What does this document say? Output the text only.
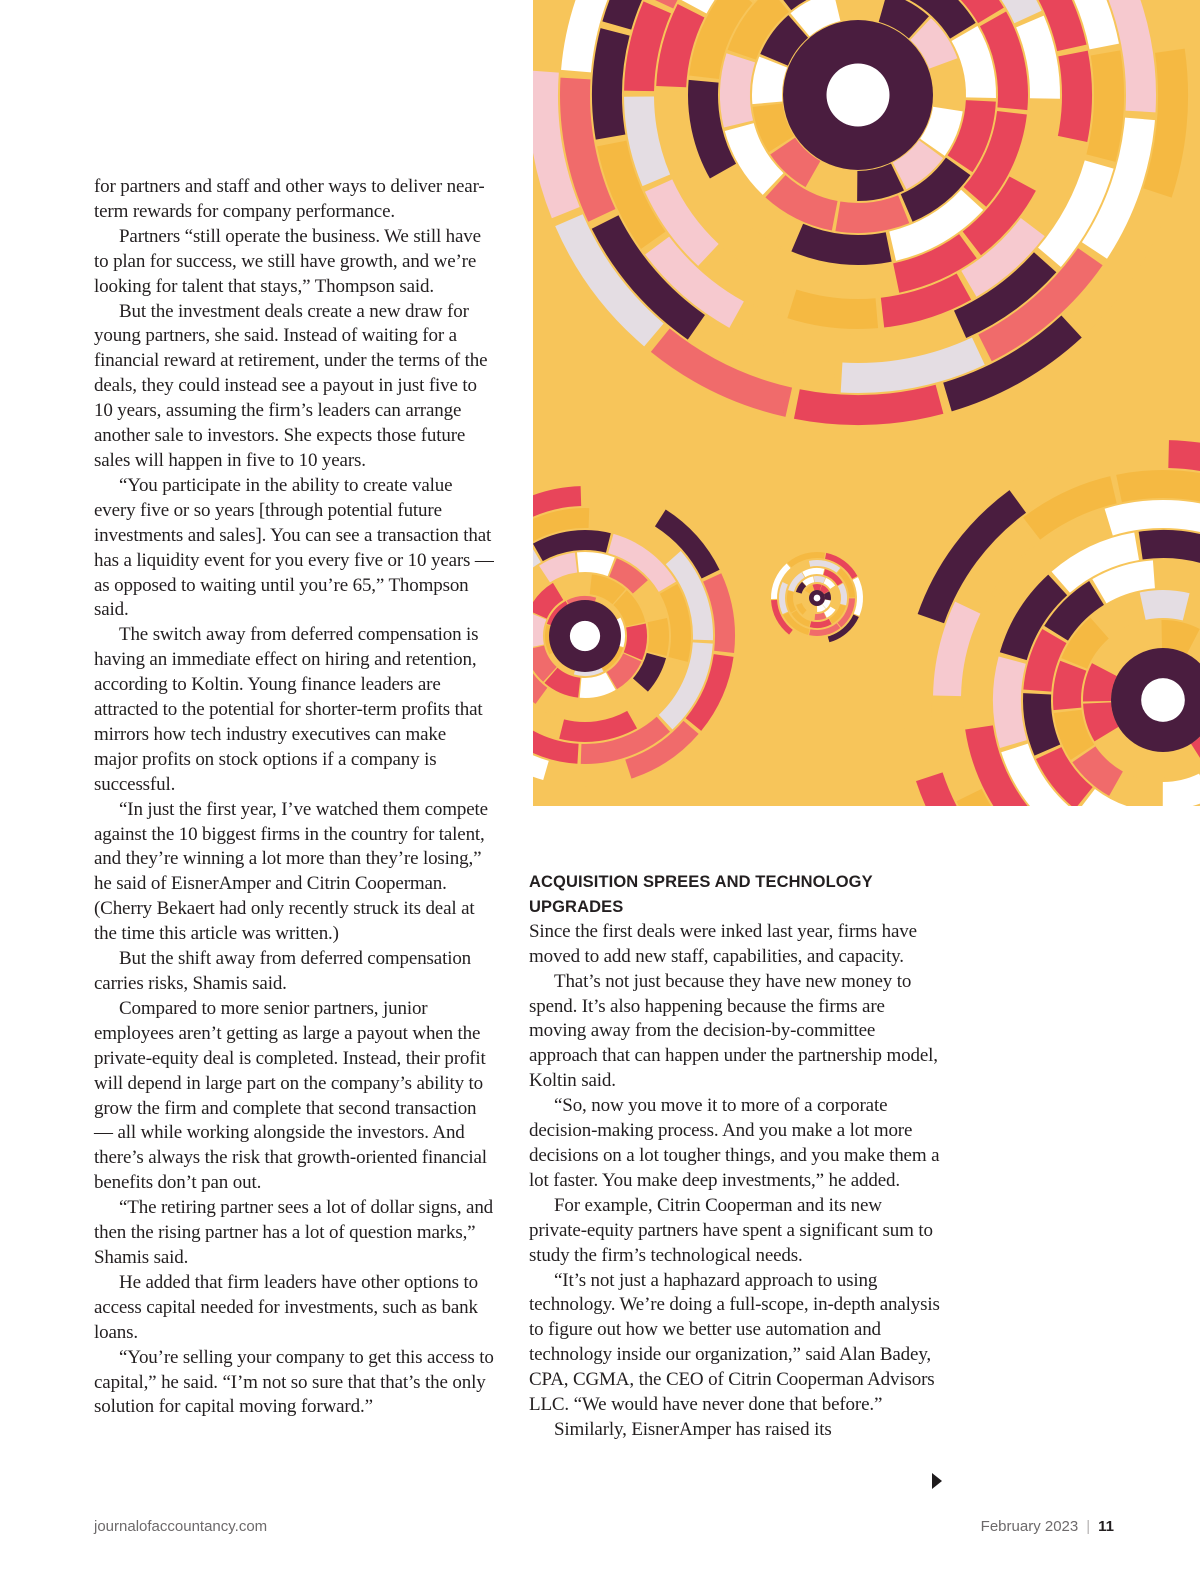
for partners and staff and other ways to deliver near-term rewards for company performance.

Partners “still operate the business. We still have to plan for success, we still have growth, and we’re looking for talent that stays,” Thompson said.

But the investment deals create a new draw for young partners, she said. Instead of waiting for a financial reward at retirement, under the terms of the deals, they could instead see a payout in just five to 10 years, assuming the firm’s leaders can arrange another sale to investors. She expects those future sales will happen in five to 10 years.

“You participate in the ability to create value every five or so years [through potential future investments and sales]. You can see a transaction that has a liquidity event for you every five or 10 years — as opposed to waiting until you’re 65,” Thompson said.

The switch away from deferred compensation is having an immediate effect on hiring and retention, according to Koltin. Young finance leaders are attracted to the potential for shorter-term profits that mirrors how tech industry executives can make major profits on stock options if a company is successful.

“In just the first year, I’ve watched them compete against the 10 biggest firms in the country for talent, and they’re winning a lot more than they’re losing,” he said of EisnerAmper and Citrin Cooperman. (Cherry Bekaert had only recently struck its deal at the time this article was written.)

But the shift away from deferred compensation carries risks, Shamis said.

Compared to more senior partners, junior employees aren’t getting as large a payout when the private-equity deal is completed. Instead, their profit will depend in large part on the company’s ability to grow the firm and complete that second transaction — all while working alongside the investors. And there’s always the risk that growth-oriented financial benefits don’t pan out.

“The retiring partner sees a lot of dollar signs, and then the rising partner has a lot of question marks,” Shamis said.

He added that firm leaders have other options to access capital needed for investments, such as bank loans.

“You’re selling your company to get this access to capital,” he said. “I’m not so sure that that’s the only solution for capital moving forward.”

ACQUISITION SPREES AND TECHNOLOGY UPGRADES

Since the first deals were inked last year, firms have moved to add new staff, capabilities, and capacity.

That’s not just because they have new money to spend. It’s also happening because the firms are moving away from the decision-by-committee approach that can happen under the partnership model, Koltin said.

“So, now you move it to more of a corporate decision-making process. And you make a lot more decisions on a lot tougher things, and you make them a lot faster. You make deep investments,” he added.

For example, Citrin Cooperman and its new private-equity partners have spent a significant sum to study the firm’s technological needs.

“It’s not just a haphazard approach to using technology. We’re doing a full-scope, in-depth analysis to figure out how we better use automation and technology inside our organization,” said Alan Badey, CPA, CGMA, the CEO of Citrin Cooperman Advisors LLC. “We would have never done that before.”

Similarly, EisnerAmper has raised its

journalofaccountancy.com	February 2023 | 11
